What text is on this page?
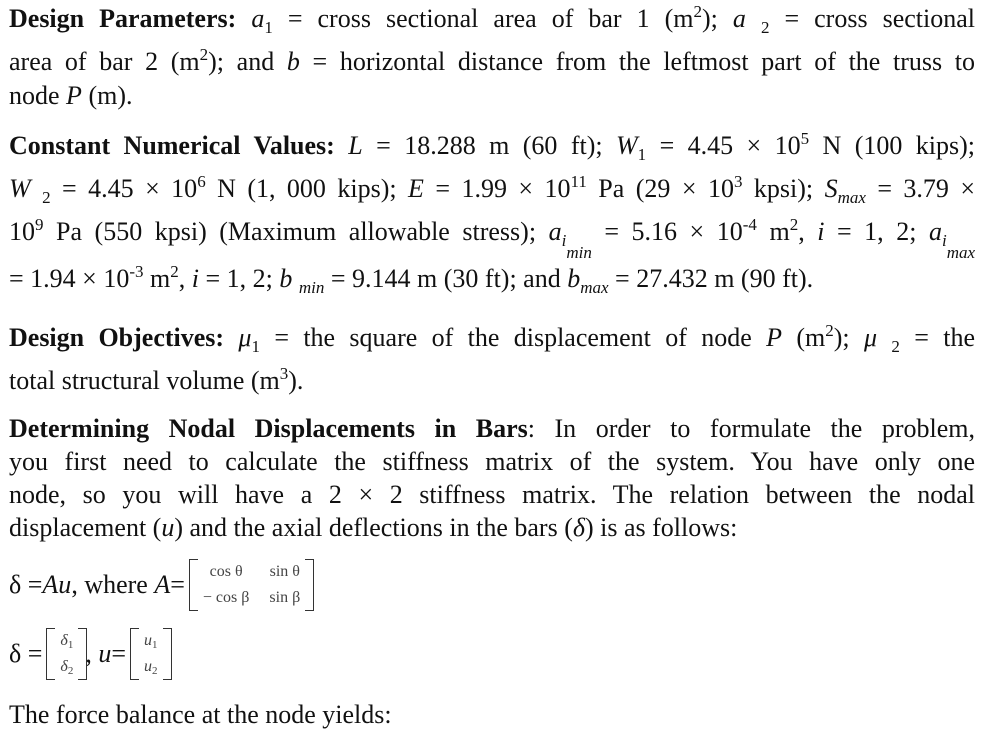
Design Parameters: $a_1$ = cross sectional area of bar 1 $(m^2)$; a $_2$ = cross sectional
area of bar 2 $(m^2)$; and b = horizontal distance from the leftmost part of the truss to
node P (m).
Constant Numerical Values: L = 18.288 m (60 ft); $W_1 = 4.45 \times 10^5$ N (100 kips);
W $_2 = 4.45 \times 10^6$ N (1, 000 kips); $E = 1.99 \times 10^{11}$ Pa ($29 \times 10^3$ kpsi); $S_{max} = 3.79$ ×
$10^9$ Pa (550 kpsi) (Maximum allowable stress); $a_{imin} = 5.16 \times 10^{-4}$ $m^2$, i = 1, 2; $a_{imax}$
= $1.94 \times 10^{-3}$ $m^2$, i = 1, 2; b $_{min}$ = 9.144 m (30 ft); and $b_{max} = 27.432$ m (90 ft).
Design Objectives: $\mu_1$ = the square of the displacement of node P $(m^2)$; μ $_2$ = the
total structural volume $(m^3)$.
Determining Nodal Displacements in Bars: In order to formulate the problem,
you first need to calculate the stiffness matrix of the system. You have only one
node, so you will have a 2 × 2 stiffness matrix. The relation between the nodal
displacement (u) and the axial deflections in the bars (δ) is as follows:
δ = Au , where
A = cos θ sin θ
− cos β sin β
$\delta = \delta_1$
$\delta_2$
,
$u = u_1$
$u_2$
The force balance at the node yields:
